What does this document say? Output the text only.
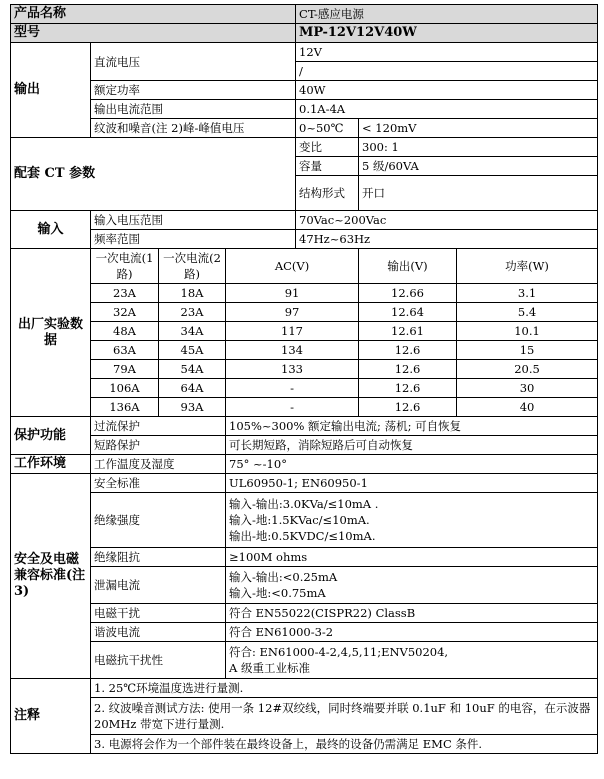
产品名称				CT-感应电源		
型号				MP-12V12V40W		
输出	直流电压			12V		
				/		
	额定功率			40W		
	输出电流范围			0.1A-4A		
	纹波和噪音(注 2)峰-峰值电压			0~50℃	< 120mV	
配套 CT 参数				变比	300: 1	
				容量	5 级/60VA	
				结构形式	开口	
输入	输入电压范围			70Vac~200Vac		
	频率范围			47Hz~63Hz		
出厂实验数据	一次电流(1 路)	一次电流(2 路)	AC(V)		输出(V)	功率(W)
	23A	18A	91		12.66	3.1
	32A	23A	97		12.64	5.4
	48A	34A	117		12.61	10.1
	63A	45A	134		12.6	15
	79A	54A	133		12.6	20.5
	106A	64A	-		12.6	30
	136A	93A	-		12.6	40
保护功能	过流保护		105%~300% 额定输出电流; 荡机; 可自恢复			
	短路保护		可长期短路，消除短路后可自动恢复			
工作环境	工作温度及湿度		75° ~-10°			
安全及电磁兼容标准(注 3)	安全标准		UL60950-1; EN60950-1			
	绝缘强度		输入-输出:3.0KVa/≤10mA .
输入-地:1.5KVac/≤10mA.
输出-地:0.5KVDC/≤10mA.			

	绝缘阻抗		≥100M ohms			
	泄漏电流		输入-输出:<0.25mA
输入-地:<0.75mA			

	电磁干扰		符合 EN55022(CISPR22) ClassB			
	谐波电流		符合 EN61000-3-2			
	电磁抗干扰性		符合: EN61000-4-2,4,5,11;ENV50204,
A 级重工业标准			

注释	1. 25℃环境温度选进行量测.					
	2. 纹波噪音测试方法: 使用一条 12#双绞线，同时终端要并联 0.1uF 和 10uF 的电容，在示波器 20MHz 带宽下进行量测.					
	3. 电源将会作为一个部件装在最终设备上，最终的设备仍需满足 EMC 条件.					
